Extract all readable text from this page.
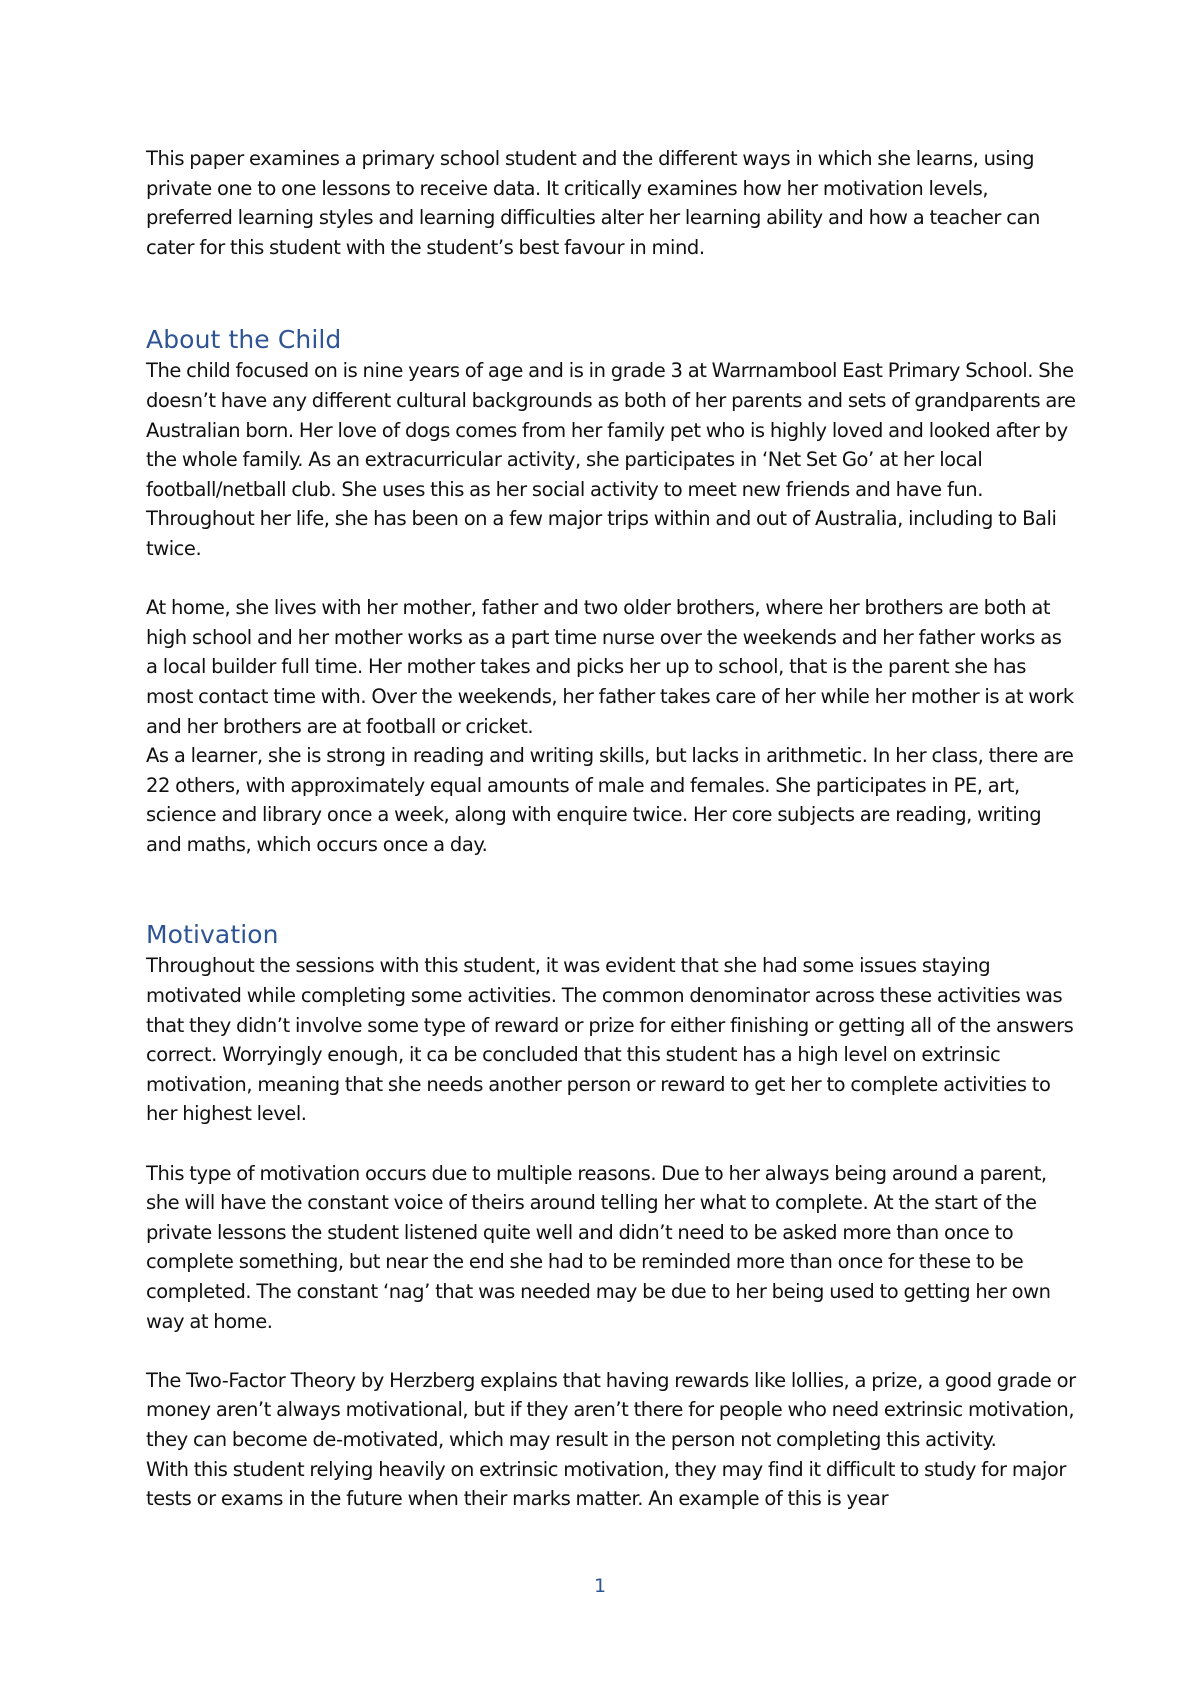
This paper examines a primary school student and the different ways in which she learns, using private one to one lessons to receive data. It critically examines how her motivation levels, preferred learning styles and learning difficulties alter her learning ability and how a teacher can cater for this student with the student’s best favour in mind.

About the Child

The child focused on is nine years of age and is in grade 3 at Warrnambool East Primary School. She doesn’t have any different cultural backgrounds as both of her parents and sets of grandparents are Australian born. Her love of dogs comes from her family pet who is highly loved and looked after by the whole family. As an extracurricular activity, she participates in ‘Net Set Go’ at her local football/netball club. She uses this as her social activity to meet new friends and have fun. Throughout her life, she has been on a few major trips within and out of Australia, including to Bali twice.

At home, she lives with her mother, father and two older brothers, where her brothers are both at high school and her mother works as a part time nurse over the weekends and her father works as a local builder full time. Her mother takes and picks her up to school, that is the parent she has most contact time with. Over the weekends, her father takes care of her while her mother is at work and her brothers are at football or cricket.

As a learner, she is strong in reading and writing skills, but lacks in arithmetic. In her class, there are 22 others, with approximately equal amounts of male and females. She participates in PE, art, science and library once a week, along with enquire twice. Her core subjects are reading, writing and maths, which occurs once a day.

Motivation

Throughout the sessions with this student, it was evident that she had some issues staying motivated while completing some activities. The common denominator across these activities was that they didn’t involve some type of reward or prize for either finishing or getting all of the answers correct. Worryingly enough, it ca be concluded that this student has a high level on extrinsic motivation, meaning that she needs another person or reward to get her to complete activities to her highest level.

This type of motivation occurs due to multiple reasons. Due to her always being around a parent, she will have the constant voice of theirs around telling her what to complete. At the start of the private lessons the student listened quite well and didn’t need to be asked more than once to complete something, but near the end she had to be reminded more than once for these to be completed. The constant ‘nag’ that was needed may be due to her being used to getting her own way at home.

The Two-Factor Theory by Herzberg explains that having rewards like lollies, a prize, a good grade or money aren’t always motivational, but if they aren’t there for people who need extrinsic motivation, they can become de-motivated, which may result in the person not completing this activity.

With this student relying heavily on extrinsic motivation, they may find it difficult to study for major tests or exams in the future when their marks matter. An example of this is year

1
